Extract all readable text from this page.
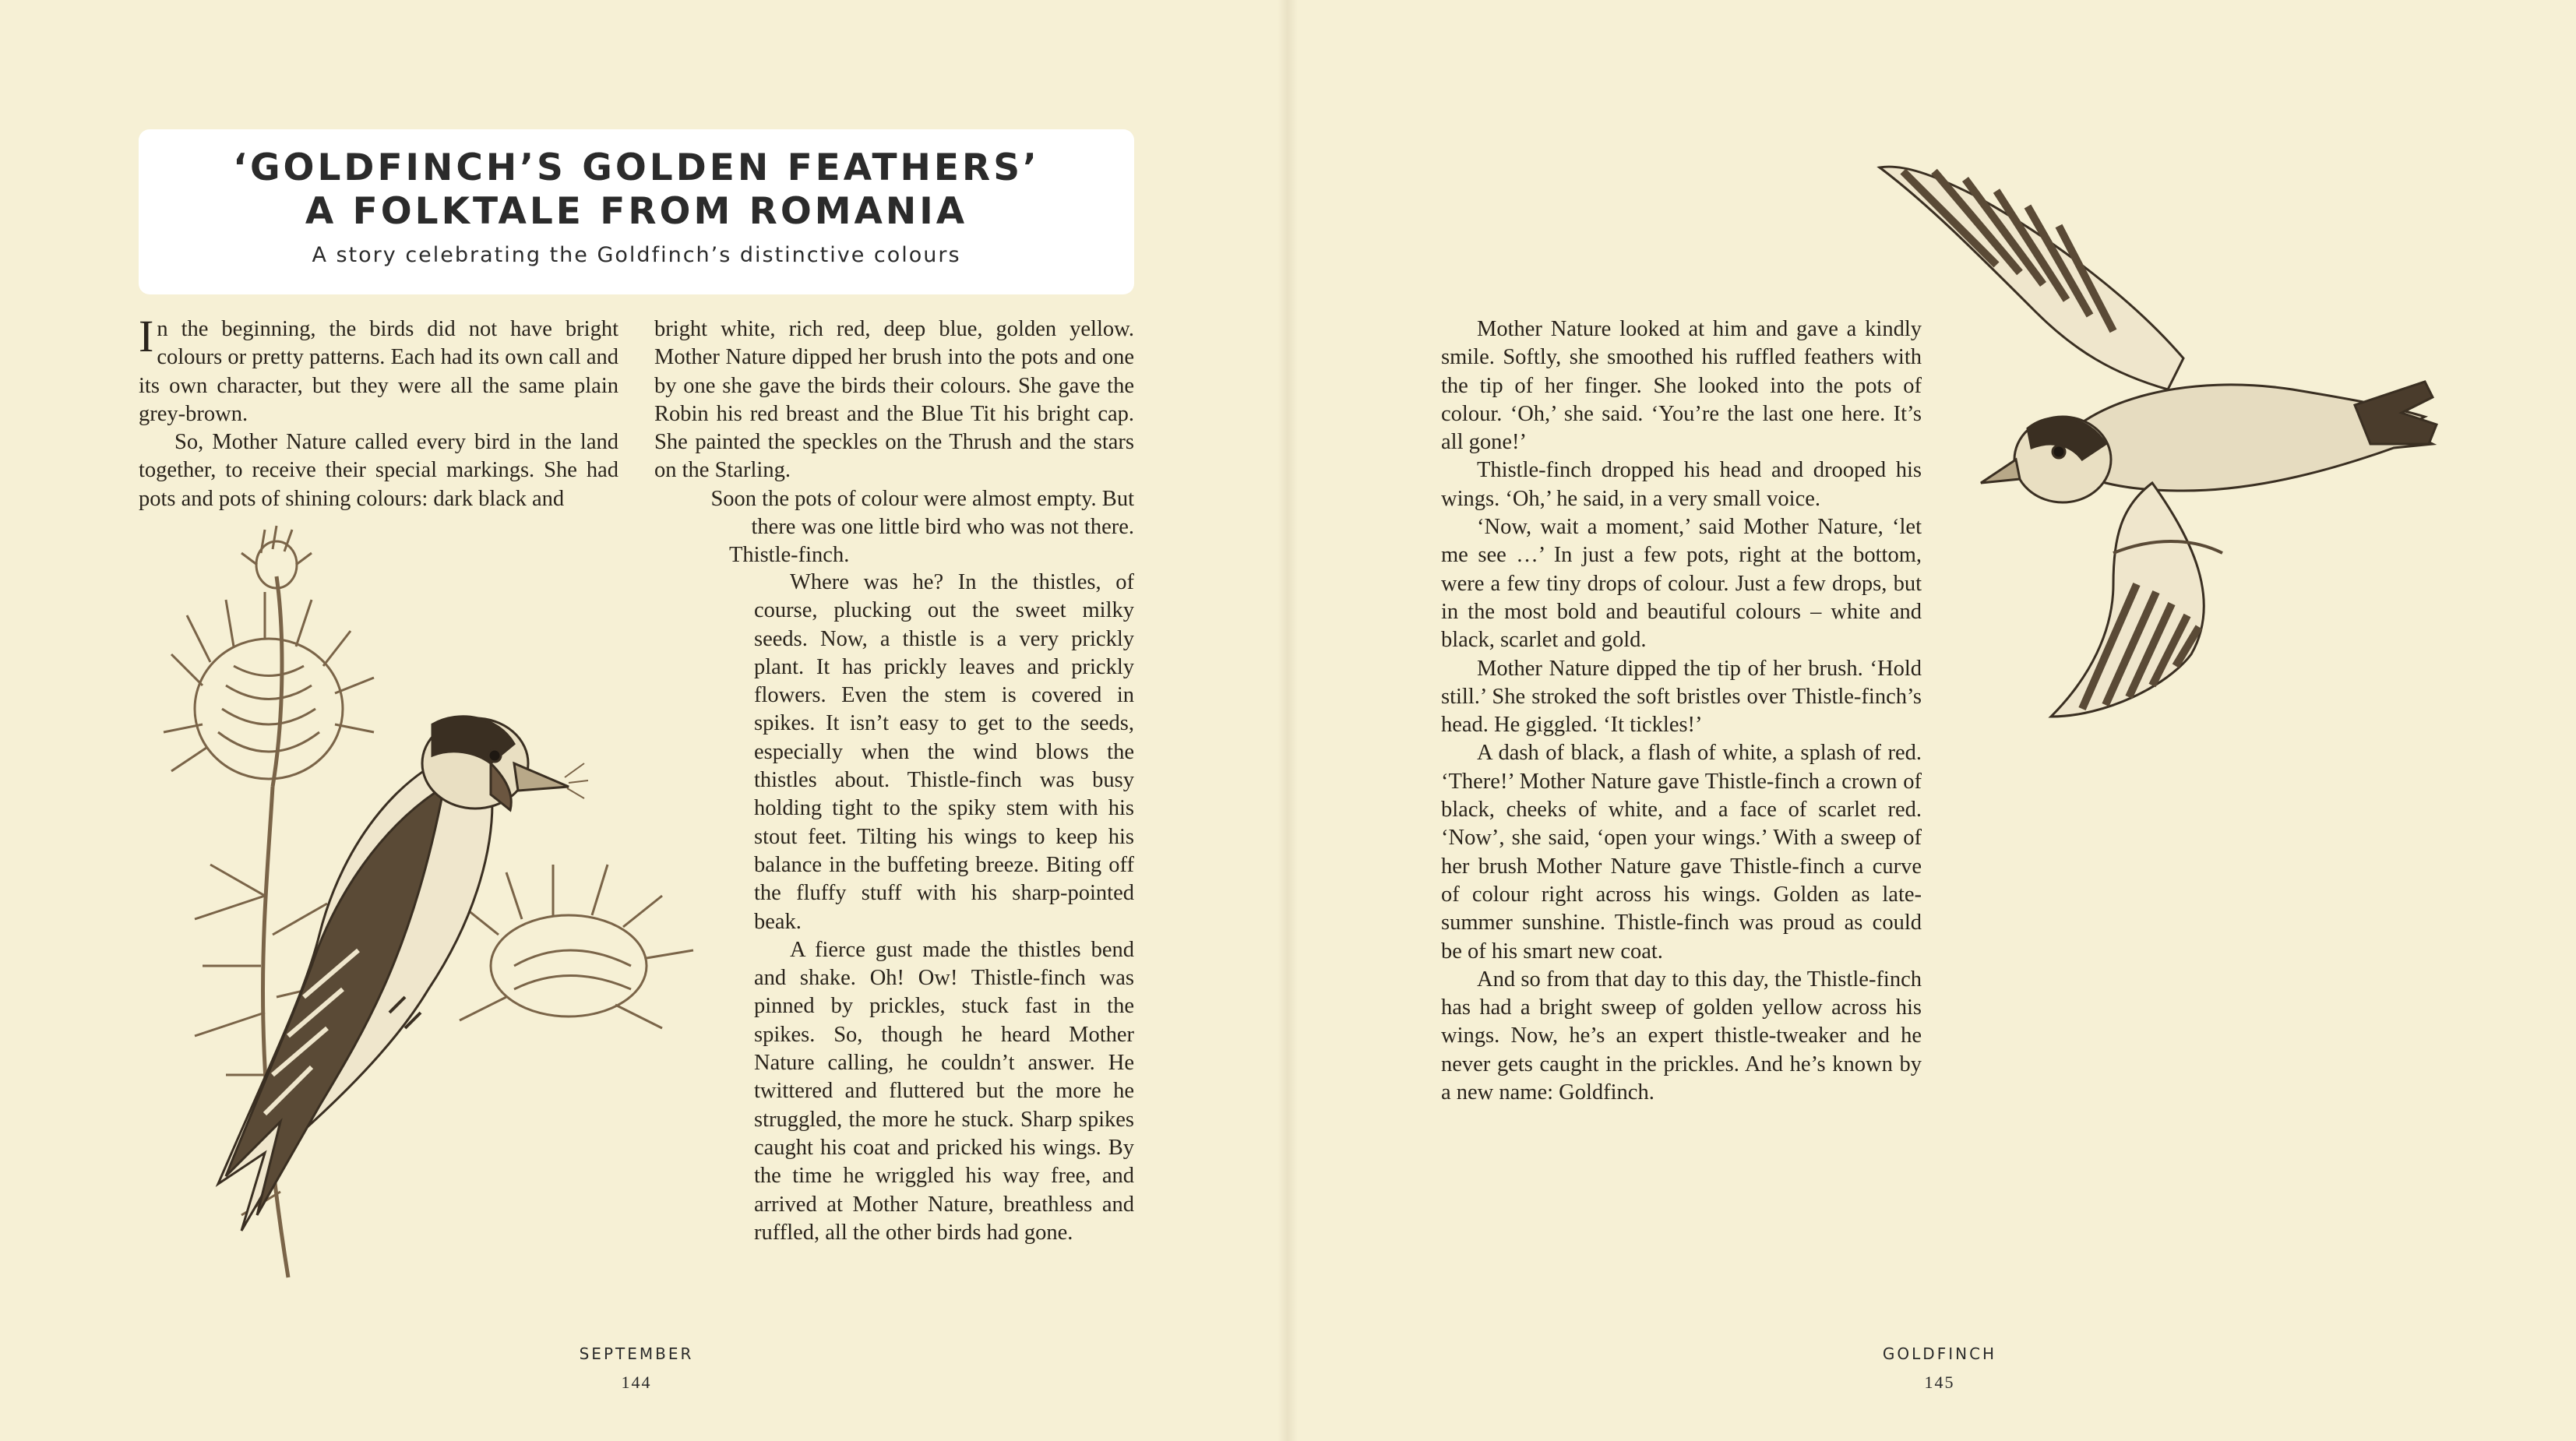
‘GOLDFINCH’S GOLDEN FEATHERS’
A FOLKTALE FROM ROMANIA
A story celebrating the Goldfinch’s distinctive colours

In the beginning, the birds did not have bright colours or pretty patterns. Each had its own call and its own character, but they were all the same plain grey-brown.

So, Mother Nature called every bird in the land together, to receive their special markings. She had pots and pots of shining colours: dark black and

bright white, rich red, deep blue, golden yellow. Mother Nature dipped her brush into the pots and one by one she gave the birds their colours. She gave the Robin his red breast and the Blue Tit his bright cap. She painted the speckles on the Thrush and the stars on the Starling.

Soon the pots of colour were almost empty. But

there was one little bird who was not there.

Thistle-finch.

Where was he? In the thistles, of course, plucking out the sweet milky seeds. Now, a thistle is a very prickly plant. It has prickly leaves and prickly flowers. Even the stem is covered in spikes. It isn’t easy to get to the seeds, especially when the wind blows the thistles about. Thistle-finch was busy holding tight to the spiky stem with his stout feet. Tilting his wings to keep his balance in the buffeting breeze. Biting off the fluffy stuff with his sharp-pointed beak.

A fierce gust made the thistles bend and shake. Oh! Ow! Thistle-finch was pinned by prickles, stuck fast in the spikes. So, though he heard Mother Nature calling, he couldn’t answer. He twittered and fluttered but the more he struggled, the more he stuck. Sharp spikes caught his coat and pricked his wings. By the time he wriggled his way free, and arrived at Mother Nature, breathless and ruffled, all the other birds had gone.

SEPTEMBER
144

Mother Nature looked at him and gave a kindly smile. Softly, she smoothed his ruffled feathers with the tip of her finger. She looked into the pots of colour. ‘Oh,’ she said. ‘You’re the last one here. It’s all gone!’

Thistle-finch dropped his head and drooped his wings. ‘Oh,’ he said, in a very small voice.

‘Now, wait a moment,’ said Mother Nature, ‘let me see …’ In just a few pots, right at the bottom, were a few tiny drops of colour. Just a few drops, but in the most bold and beautiful colours – white and black, scarlet and gold.

Mother Nature dipped the tip of her brush. ‘Hold still.’ She stroked the soft bristles over Thistle-finch’s head. He giggled. ‘It tickles!’

A dash of black, a flash of white, a splash of red. ‘There!’ Mother Nature gave Thistle-finch a crown of black, cheeks of white, and a face of scarlet red. ‘Now’, she said, ‘open your wings.’ With a sweep of her brush Mother Nature gave Thistle-finch a curve of colour right across his wings. Golden as late-summer sunshine. Thistle-finch was proud as could be of his smart new coat.

And so from that day to this day, the Thistle-finch has had a bright sweep of golden yellow across his wings. Now, he’s an expert thistle-tweaker and he never gets caught in the prickles. And he’s known by a new name: Goldfinch.

GOLDFINCH
145
